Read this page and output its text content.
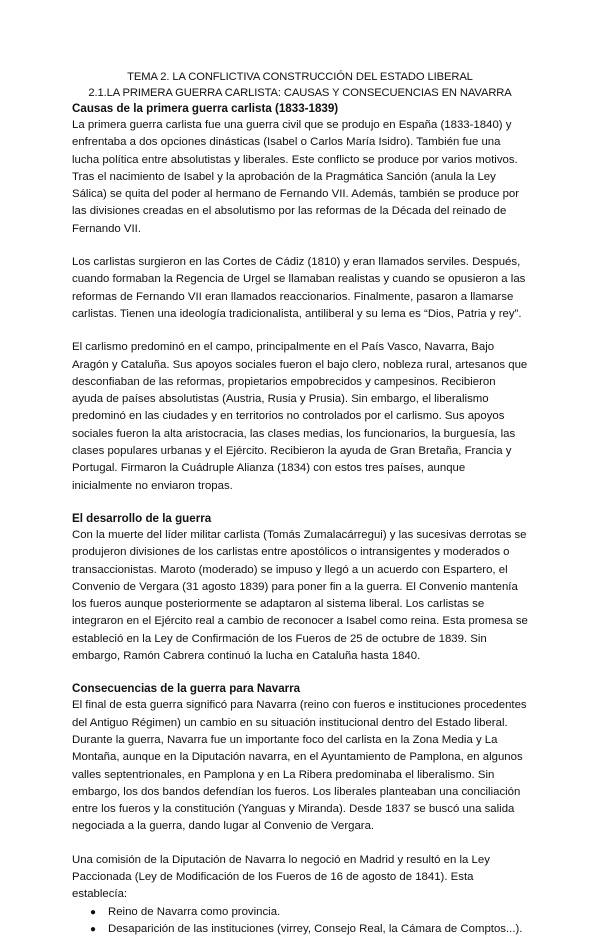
TEMA 2. LA CONFLICTIVA CONSTRUCCIÓN DEL ESTADO LIBERAL

2.1.LA PRIMERA GUERRA CARLISTA: CAUSAS Y CONSECUENCIAS EN NAVARRA

Causas de la primera guerra carlista (1833-1839)

La primera guerra carlista fue una guerra civil que se produjo en España (1833-1840) y enfrentaba a dos opciones dinásticas (Isabel o Carlos María Isidro). También fue una lucha política entre absolutistas y liberales. Este conflicto se produce por varios motivos. Tras el nacimiento de Isabel y la aprobación de la Pragmática Sanción (anula la Ley Sálica) se quita del poder al hermano de Fernando VII. Además, también se produce por las divisiones creadas en el absolutismo por las reformas de la Década del reinado de Fernando VII.

Los carlistas surgieron en las Cortes de Cádiz (1810) y eran llamados serviles. Después, cuando formaban la Regencia de Urgel se llamaban realistas y cuando se opusieron a las reformas de Fernando VII eran llamados reaccionarios. Finalmente, pasaron a llamarse carlistas. Tienen una ideología tradicionalista, antiliberal y su lema es “Dios, Patria y rey”.

El carlismo predominó en el campo, principalmente en el País Vasco, Navarra, Bajo Aragón y Cataluña. Sus apoyos sociales fueron el bajo clero, nobleza rural, artesanos que desconfiaban de las reformas, propietarios empobrecidos y campesinos. Recibieron ayuda de países absolutistas (Austria, Rusia y Prusia). Sin embargo, el liberalismo predominó en las ciudades y en territorios no controlados por el carlismo. Sus apoyos sociales fueron la alta aristocracia, las clases medias, los funcionarios, la burguesía, las clases populares urbanas y el Ejército. Recibieron la ayuda de Gran Bretaña, Francia y Portugal. Firmaron la Cuádruple Alianza (1834) con estos tres países, aunque inicialmente no enviaron tropas.

El desarrollo de la guerra

Con la muerte del líder militar carlista (Tomás Zumalacárregui) y las sucesivas derrotas se produjeron divisiones de los carlistas entre apostólicos o intransigentes y moderados o transaccionistas. Maroto (moderado) se impuso y llegó a un acuerdo con Espartero, el Convenio de Vergara (31 agosto 1839) para poner fin a la guerra. El Convenio mantenía los fueros aunque posteriormente se adaptaron al sistema liberal. Los carlistas se integraron en el Ejército real a cambio de reconocer a Isabel como reina. Esta promesa se estableció en la Ley de Confirmación de los Fueros de 25 de octubre de 1839. Sin embargo, Ramón Cabrera continuó la lucha en Cataluña hasta 1840.

Consecuencias de la guerra para Navarra

El final de esta guerra significó para Navarra (reino con fueros e instituciones procedentes del Antiguo Régimen) un cambio en su situación institucional dentro del Estado liberal. Durante la guerra, Navarra fue un importante foco del carlista en la Zona Media y La Montaña, aunque en la Diputación navarra, en el Ayuntamiento de Pamplona, en algunos valles septentrionales, en Pamplona y en La Ribera predominaba el liberalismo. Sin embargo, los dos bandos defendían los fueros. Los liberales planteaban una conciliación entre los fueros y la constitución (Yanguas y Miranda). Desde 1837 se buscó una salida negociada a la guerra, dando lugar al Convenio de Vergara.

Una comisión de la Diputación de Navarra lo negoció en Madrid y resultó en la Ley Paccionada (Ley de Modificación de los Fueros de 16 de agosto de 1841). Esta establecía:

● Reino de Navarra como provincia.
● Desaparición de las instituciones (virrey, Consejo Real, la Cámara de Comptos...).
